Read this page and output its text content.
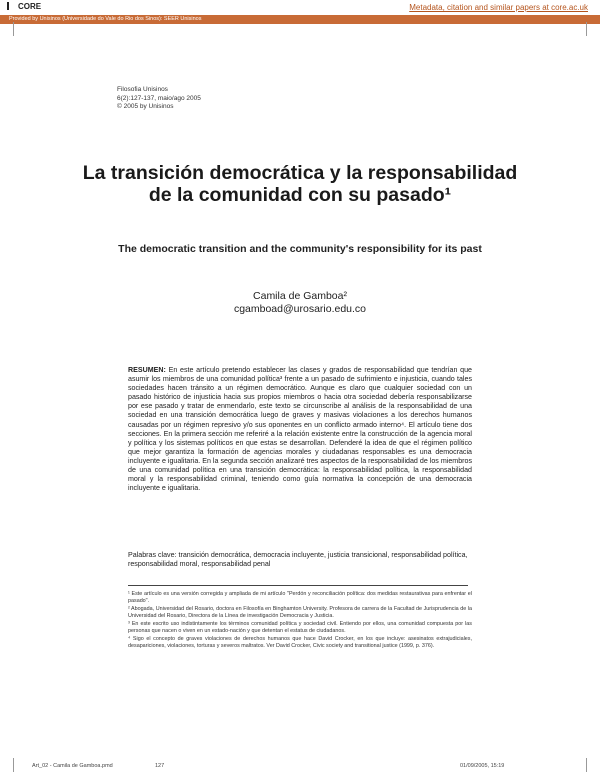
CORE	Metadata, citation and similar papers at core.ac.uk
Provided by Unisinos (Universidade do Vale do Rio dos Sinos): SEER Unisinos
Filosofia Unisinos
6(2):127-137, maio/ago 2005
© 2005 by Unisinos
La transición democrática y la responsabilidad de la comunidad con su pasado¹
The democratic transition and the community's responsibility for its past
Camila de Gamboa²
cgamboad@urosario.edu.co
RESUMEN: En este artículo pretendo establecer las clases y grados de responsabilidad que tendrían que asumir los miembros de una comunidad política³ frente a un pasado de sufrimiento e injusticia, cuando tales sociedades hacen tránsito a un régimen democrático. Aunque es claro que cualquier sociedad con un pasado histórico de injusticia hacia sus propios miembros o hacia otra sociedad debería responsabilizarse por ese pasado y tratar de enmendarlo, este texto se circunscribe al análisis de la responsabilidad de una sociedad en una transición democrática luego de graves y masivas violaciones a los derechos humanos causadas por un régimen represivo y/o sus oponentes en un conflicto armado interno⁴. El artículo tiene dos secciones. En la primera sección me referiré a la relación existente entre la construcción de la agencia moral y política y los sistemas políticos en que estas se desarrollan. Defenderé la idea de que el régimen político que mejor garantiza la formación de agencias morales y ciudadanas responsables es una democracia incluyente e igualitaria. En la segunda sección analizaré tres aspectos de la responsabilidad de los miembros de una comunidad política en una transición democrática: la responsabilidad política, la responsabilidad moral y la responsabilidad criminal, teniendo como guía normativa la concepción de una democracia incluyente e igualitaria.
Palabras clave: transición democrática, democracia incluyente, justicia transicional, responsabilidad política, responsabilidad moral, responsabilidad penal

¹ Este artículo es una versión corregida y ampliada de mi artículo "Perdón y reconciliación política: dos medidas restaurativas para enfrentar el pasado".

² Abogada, Universidad del Rosario, doctora en Filosofía en Binghamton University. Profesora de carrera de la Facultad de Jurisprudencia de la Universidad del Rosario, Directora de la Línea de investigación Democracia y Justicia.

³ En este escrito uso indistintamente los términos comunidad política y sociedad civil. Entiendo por ellos, una comunidad compuesta por las personas que nacen o viven en un estado-nación y que detentan el estatus de ciudadanos.

⁴ Sigo el concepto de graves violaciones de derechos humanos que hace David Crocker, en los que incluye: asesinatos extrajudiciales, desapariciones, violaciones, torturas y severos maltratos. Ver David Crocker, Civic society and transitional justice (1999, p. 376).

Art_02 - Camila de Gamboa.pmd	127	01/09/2005, 15:19
